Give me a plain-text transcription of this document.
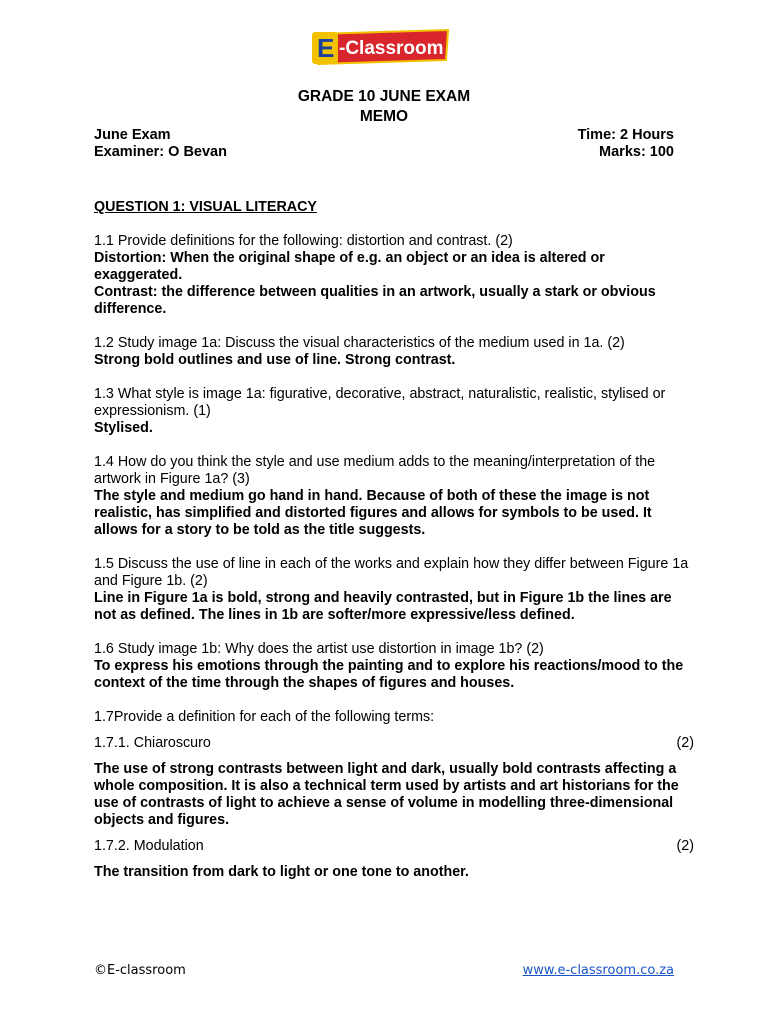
E -Classroom
GRADE 10 JUNE EXAM
MEMO
June Exam
Examiner: O Bevan
Time: 2 Hours
Marks: 100
QUESTION 1: VISUAL LITERACY

1.1 Provide definitions for the following: distortion and contrast. (2)

Distortion: When the original shape of e.g. an object or an idea is altered or exaggerated.

Contrast: the difference between qualities in an artwork, usually a stark or obvious difference.

1.2 Study image 1a: Discuss the visual characteristics of the medium used in 1a. (2)

Strong bold outlines and use of line. Strong contrast.

1.3 What style is image 1a: figurative, decorative, abstract, naturalistic, realistic, stylised or expressionism. (1)

Stylised.

1.4 How do you think the style and use medium adds to the meaning/interpretation of the artwork in Figure 1a? (3)

The style and medium go hand in hand. Because of both of these the image is not realistic, has simplified and distorted figures and allows for symbols to be used. It allows for a story to be told as the title suggests.

1.5 Discuss the use of line in each of the works and explain how they differ between Figure 1a and Figure 1b. (2)

Line in Figure 1a is bold, strong and heavily contrasted, but in Figure 1b the lines are not as defined. The lines in 1b are softer/more expressive/less defined.

1.6 Study image 1b: Why does the artist use distortion in image 1b? (2)

To express his emotions through the painting and to explore his reactions/mood to the context of the time through the shapes of figures and houses.

1.7Provide a definition for each of the following terms:

1.7.1. Chiaroscuro	(2)

The use of strong contrasts between light and dark, usually bold contrasts affecting a whole composition. It is also a technical term used by artists and art historians for the use of contrasts of light to achieve a sense of volume in modelling three-dimensional objects and figures.

1.7.2. Modulation	(2)

The transition from dark to light or one tone to another.

©E-classroom	www.e-classroom.co.za
